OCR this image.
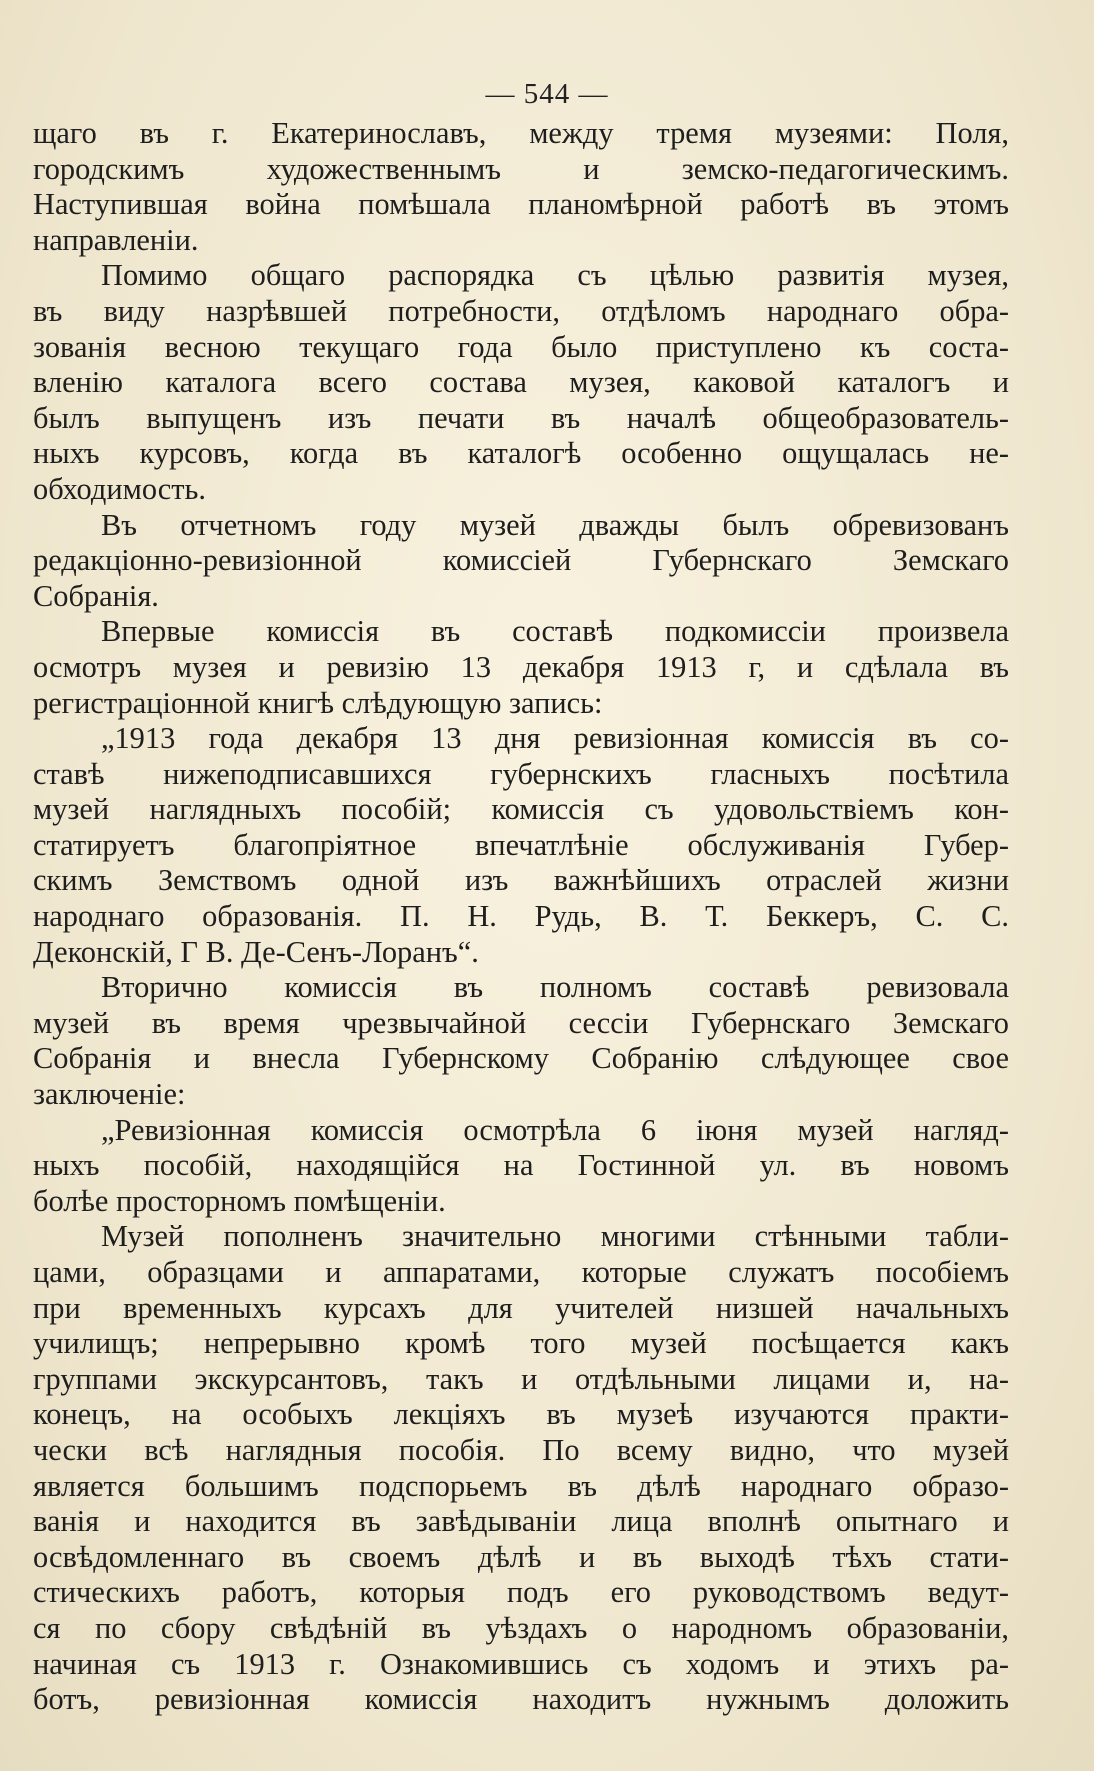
— 544 —
щаго въ г. Екатеринославъ, между тремя музеями: Поля,
городскимъ художественнымъ и земско-педагогическимъ.
Наступившая война помѣшала планомѣрной работѣ въ этомъ
направленіи.
Помимо общаго распорядка съ цѣлью развитія музея,
въ виду назрѣвшей потребности, отдѣломъ народнаго обра-
зованія весною текущаго года было приступлено къ соста-
вленію каталога всего состава музея, каковой каталогъ и
былъ выпущенъ изъ печати въ началѣ общеобразователь-
ныхъ курсовъ, когда въ каталогѣ особенно ощущалась не-
обходимость.
Въ отчетномъ году музей дважды былъ обревизованъ
редакціонно-ревизіонной комиссіей Губернскаго Земскаго
Собранія.
Впервые комиссія въ составѣ подкомиссіи произвела
осмотръ музея и ревизію 13 декабря 1913 г, и сдѣлала въ
регистраціонной книгѣ слѣдующую запись:
„1913 года декабря 13 дня ревизіонная комиссія въ со-
ставѣ нижеподписавшихся губернскихъ гласныхъ посѣтила
музей наглядныхъ пособій; комиссія съ удовольствіемъ кон-
статируетъ благопріятное впечатлѣніе обслуживанія Губер-
скимъ Земствомъ одной изъ важнѣйшихъ отраслей жизни
народнаго образованія. П. Н. Рудь, В. Т. Беккеръ, С. С.
Деконскій, Г В. Де-Сенъ-Лоранъ“.
Вторично комиссія въ полномъ составѣ ревизовала
музей въ время чрезвычайной сессіи Губернскаго Земскаго
Собранія и внесла Губернскому Собранію слѣдующее свое
заключеніе:
„Ревизіонная комиссія осмотрѣла 6 іюня музей нагляд-
ныхъ пособій, находящійся на Гостинной ул. въ новомъ
болѣе просторномъ помѣщеніи.
Музей пополненъ значительно многими стѣнными табли-
цами, образцами и аппаратами, которые служатъ пособіемъ
при временныхъ курсахъ для учителей низшей начальныхъ
училищъ; непрерывно кромѣ того музей посѣщается какъ
группами экскурсантовъ, такъ и отдѣльными лицами и, на-
конецъ, на особыхъ лекціяхъ въ музеѣ изучаются практи-
чески всѣ наглядныя пособія. По всему видно, что музей
является большимъ подспорьемъ въ дѣлѣ народнаго образо-
ванія и находится въ завѣдываніи лица вполнѣ опытнаго и
освѣдомленнаго въ своемъ дѣлѣ и въ выходѣ тѣхъ стати-
стическихъ работъ, которыя подъ его руководствомъ ведут-
ся по сбору свѣдѣній въ уѣздахъ о народномъ образованіи,
начиная съ 1913 г. Ознакомившись съ ходомъ и этихъ ра-
ботъ, ревизіонная комиссія находитъ нужнымъ доложить
